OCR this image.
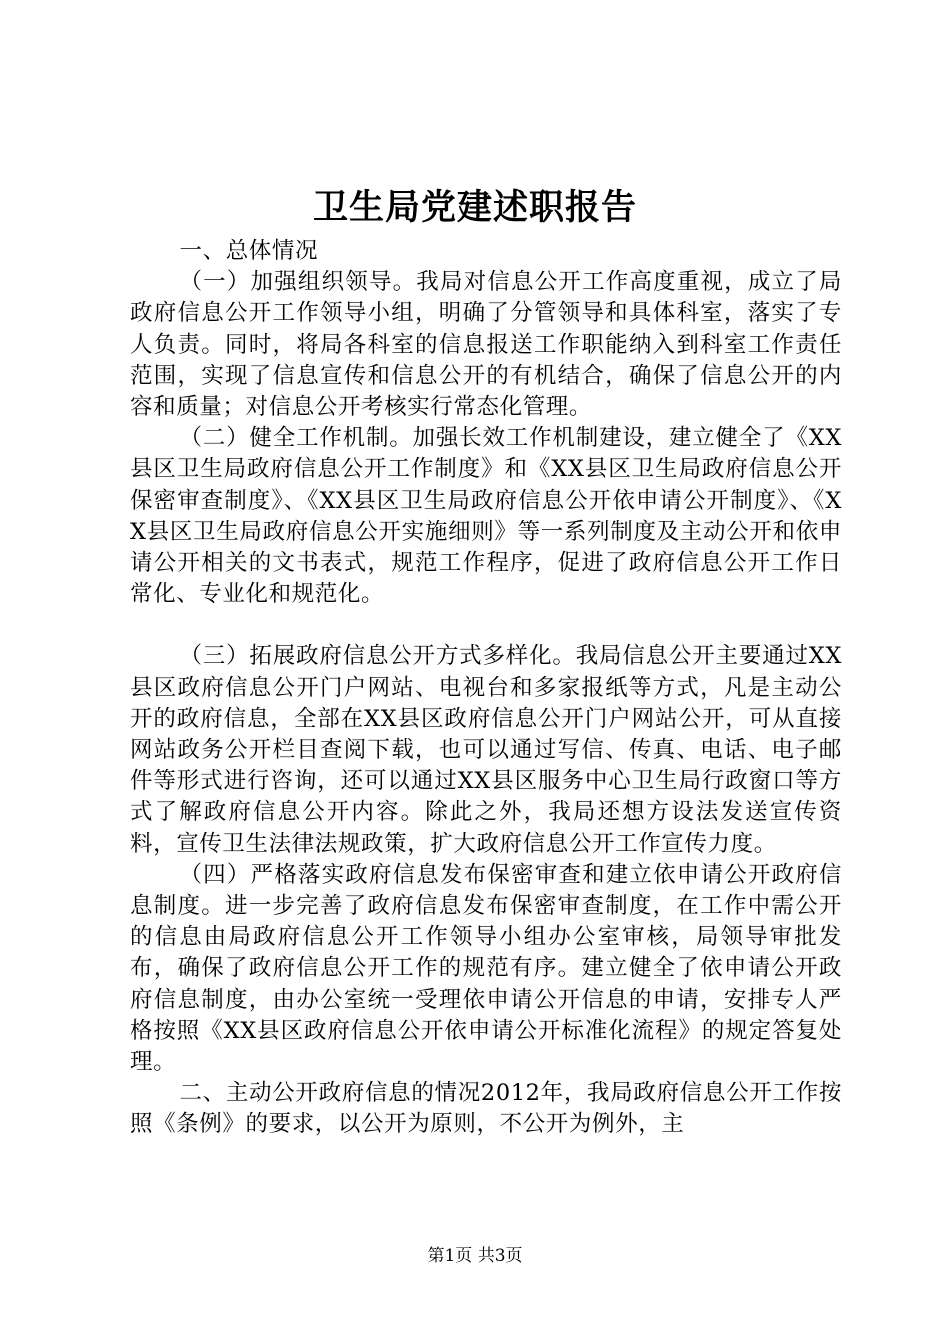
卫生局党建述职报告

一、总体情况

（一）加强组织领导。我局对信息公开工作高度重视，成立了局政府信息公开工作领导小组，明确了分管领导和具体科室，落实了专人负责。同时，将局各科室的信息报送工作职能纳入到科室工作责任范围，实现了信息宣传和信息公开的有机结合，确保了信息公开的内容和质量；对信息公开考核实行常态化管理。

（二）健全工作机制。加强长效工作机制建设，建立健全了《XX县区卫生局政府信息公开工作制度》和《XX县区卫生局政府信息公开保密审查制度》、《XX县区卫生局政府信息公开依申请公开制度》、《XX县区卫生局政府信息公开实施细则》等一系列制度及主动公开和依申请公开相关的文书表式，规范工作程序，促进了政府信息公开工作日常化、专业化和规范化。

（三）拓展政府信息公开方式多样化。我局信息公开主要通过XX县区政府信息公开门户网站、电视台和多家报纸等方式，凡是主动公开的政府信息，全部在XX县区政府信息公开门户网站公开，可从直接网站政务公开栏目查阅下载，也可以通过写信、传真、电话、电子邮件等形式进行咨询，还可以通过XX县区服务中心卫生局行政窗口等方式了解政府信息公开内容。除此之外，我局还想方设法发送宣传资料，宣传卫生法律法规政策，扩大政府信息公开工作宣传力度。

（四）严格落实政府信息发布保密审查和建立依申请公开政府信息制度。进一步完善了政府信息发布保密审查制度，在工作中需公开的信息由局政府信息公开工作领导小组办公室审核，局领导审批发布，确保了政府信息公开工作的规范有序。建立健全了依申请公开政府信息制度，由办公室统一受理依申请公开信息的申请，安排专人严格按照《XX县区政府信息公开依申请公开标准化流程》的规定答复处理。

二、主动公开政府信息的情况2012年，我局政府信息公开工作按照《条例》的要求，以公开为原则，不公开为例外，主

第1页 共3页
